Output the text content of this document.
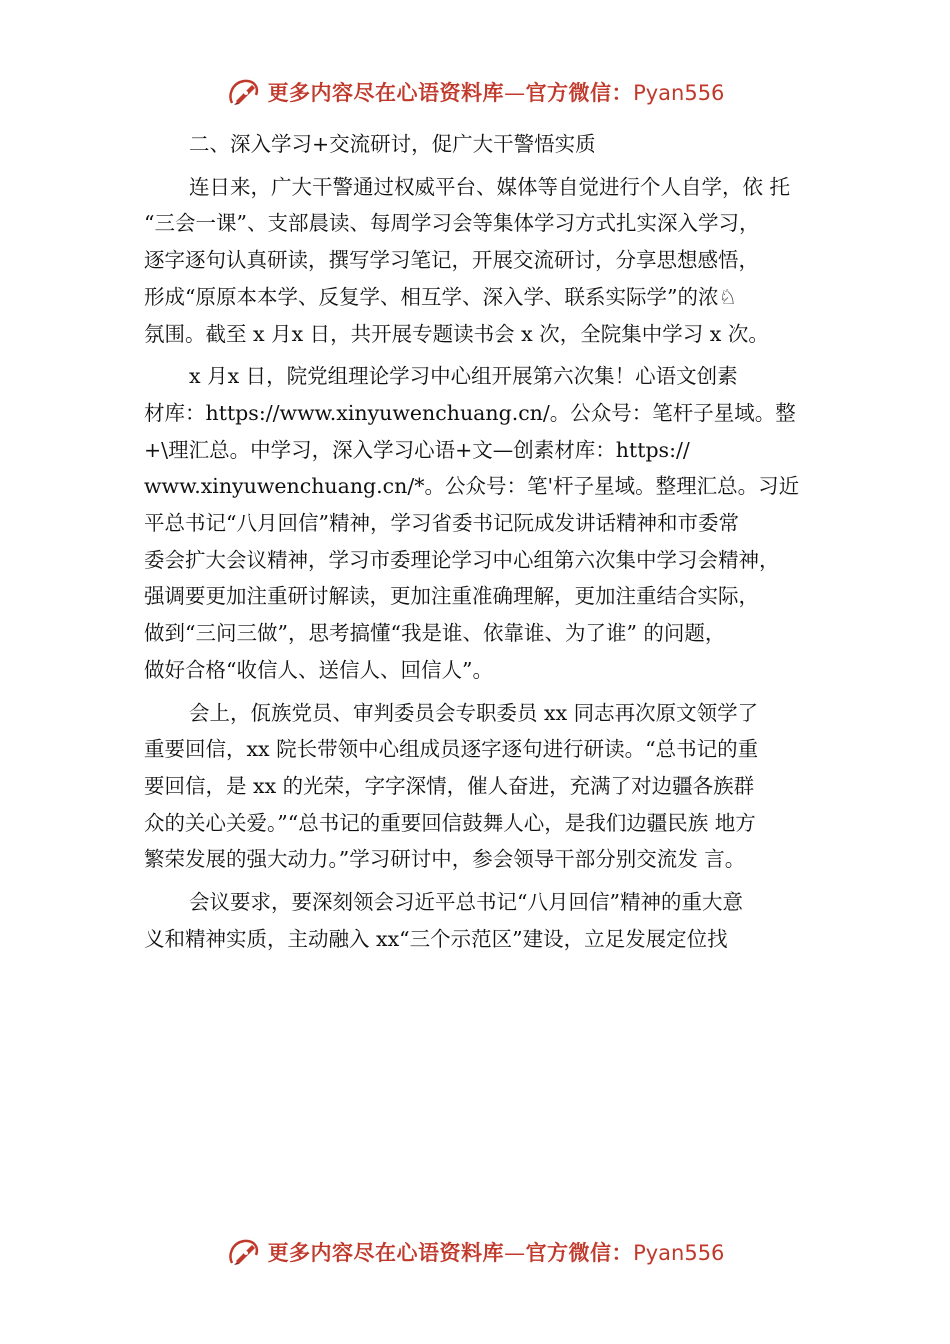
更多内容尽在心语资料库—官方微信：Pyan556

二、深入学习+交流研讨，促广大干警悟实质

连日来，广大干警通过权威平台、媒体等自觉进行个人自学，依 托
“三会一课”、支部晨读、每周学习会等集体学习方式扎实深入学习，
逐字逐句认真研读，撰写学习笔记，开展交流研讨，分享思想感悟，
形成“原原本本学、反复学、相互学、深入学、联系实际学”的浓♘
氛围。截至 x 月x 日，共开展专题读书会 x 次，全院集中学习 x 次。
x 月x 日，院党组理论学习中心组开展第六次集！心语文创素
材库：https://www.xinyuwenchuang.cn/。公众号：笔杆子星域。整
+\理汇总。中学习，深入学习心语+文—创素材库：https://
www.xinyuwenchuang.cn/*。公众号：笔'杆子星域。整理汇总。习近
平总书记“八月回信”精神，学习省委书记阮成发讲话精神和市委常
委会扩大会议精神，学习市委理论学习中心组第六次集中学习会精神，
强调要更加注重研讨解读，更加注重准确理解，更加注重结合实际，
做到“三问三做”，思考搞懂“我是谁、依靠谁、为了谁” 的问题，
做好合格“收信人、送信人、回信人”。
会上，佤族党员、审判委员会专职委员 xx 同志再次原文领学了
重要回信，xx 院长带领中心组成员逐字逐句进行研读。“总书记的重
要回信，是 xx 的光荣，字字深情，催人奋进，充满了对边疆各族群
众的关心关爱。”“总书记的重要回信鼓舞人心，是我们边疆民族 地方
繁荣发展的强大动力。”学习研讨中，参会领导干部分别交流发 言。
会议要求，要深刻领会习近平总书记“八月回信”精神的重大意
义和精神实质，主动融入 xx“三个示范区”建设，立足发展定位找
更多内容尽在心语资料库—官方微信：Pyan556
